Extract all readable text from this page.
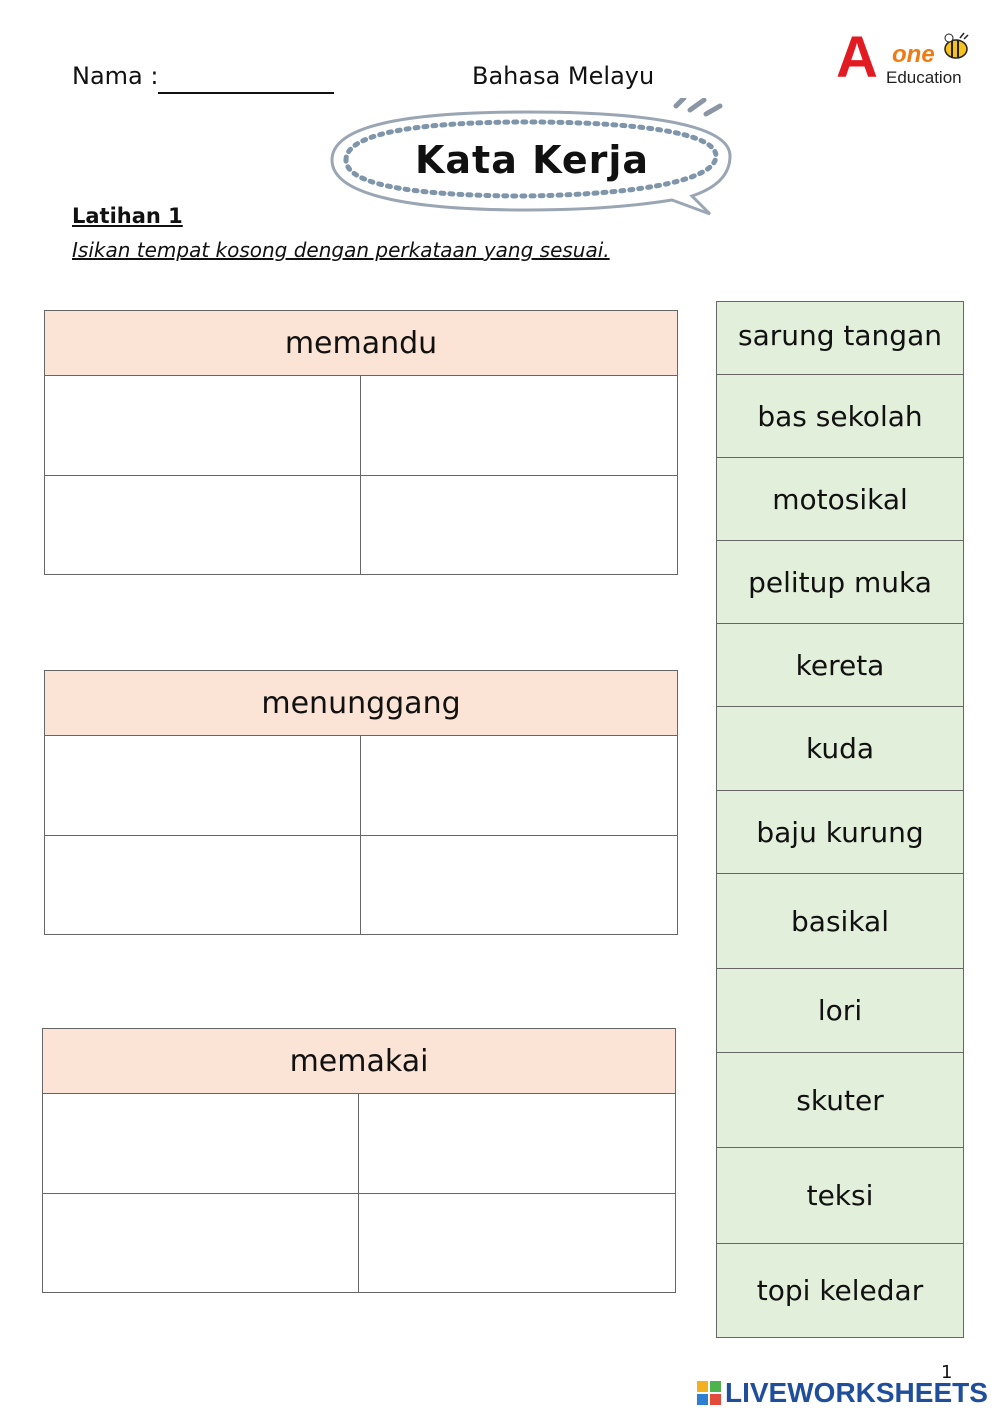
Nama :	Bahasa Melayu	A one
Education
Kata Kerja
Latihan 1
Isikan tempat kosong dengan perkataan yang sesuai.
memandu
menunggang
memakai
sarung tangan
bas sekolah
motosikal
pelitup muka
kereta
kuda
baju kurung
basikal
lori
skuter
teksi
topi keledar
1
LIVEWORKSHEETS
